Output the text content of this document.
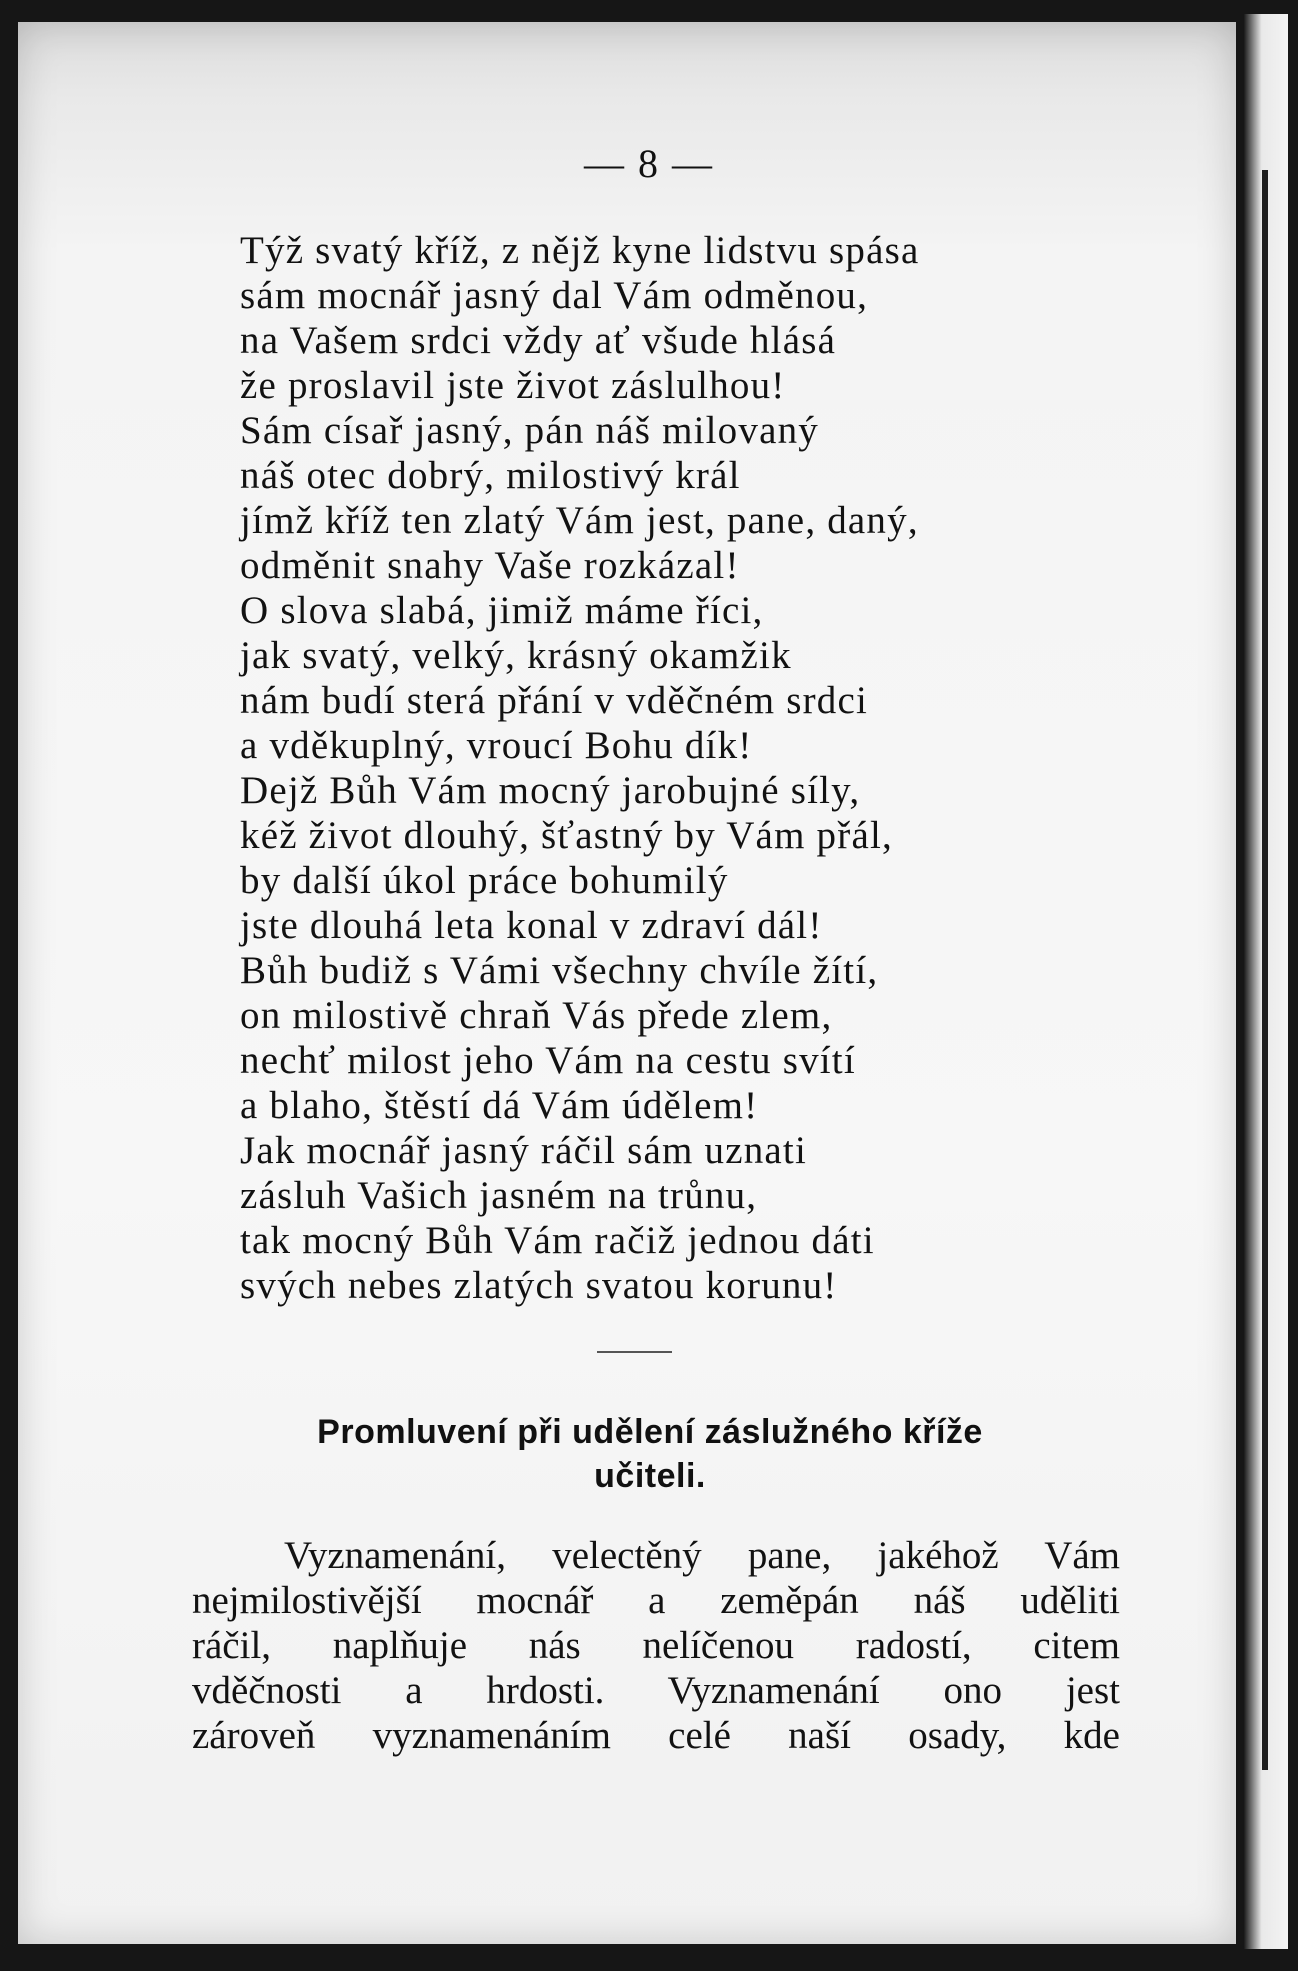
— 8 —
Týž svatý kříž, z nějž kyne lidstvu spása
sám mocnář jasný dal Vám odměnou,
na Vašem srdci vždy ať všude hlásá
že proslavil jste život záslulhou!
Sám císař jasný, pán náš milovaný
náš otec dobrý, milostivý král
jímž kříž ten zlatý Vám jest, pane, daný,
odměnit snahy Vaše rozkázal!
O slova slabá, jimiž máme říci,
jak svatý, velký, krásný okamžik
nám budí sterá přání v vděčném srdci
a vděkuplný, vroucí Bohu dík!
Dejž Bůh Vám mocný jarobujné síly,
kéž život dlouhý, šťastný by Vám přál,
by další úkol práce bohumilý
jste dlouhá leta konal v zdraví dál!
Bůh budiž s Vámi všechny chvíle žítí,
on milostivě chraň Vás přede zlem,
nechť milost jeho Vám na cestu svítí
a blaho, štěstí dá Vám údělem!
Jak mocnář jasný ráčil sám uznati
zásluh Vašich jasném na trůnu,
tak mocný Bůh Vám račiž jednou dáti
svých nebes zlatých svatou korunu!
Promluvení při udělení záslužného kříže
učiteli.
Vyznamenání, velectěný pane, jakéhož Vám
nejmilostivější mocnář a zeměpán náš uděliti
ráčil, naplňuje nás nelíčenou radostí, citem
vděčnosti a hrdosti. Vyznamenání ono jest
zároveň vyznamenáním celé naší osady, kde
